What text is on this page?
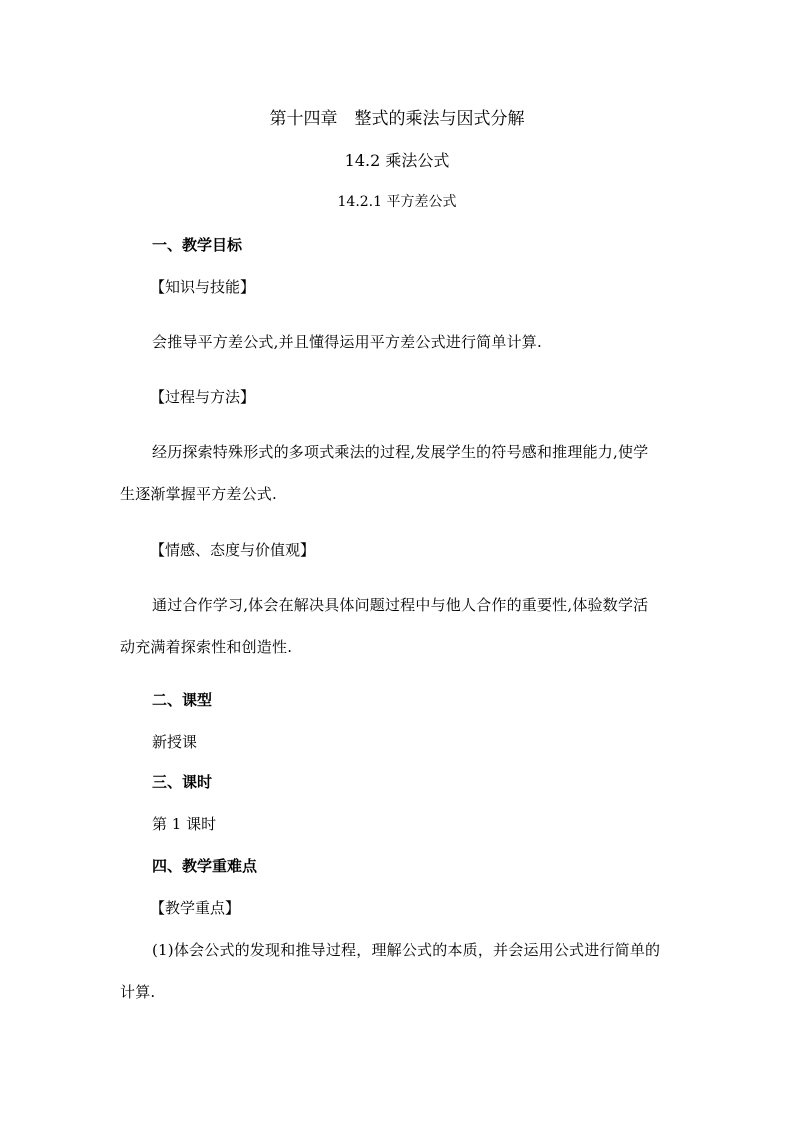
第十四章　整式的乘法与因式分解
14.2 乘法公式
14.2.1 平方差公式
一、教学目标
【知识与技能】
会推导平方差公式,并且懂得运用平方差公式进行简单计算.
【过程与方法】
经历探索特殊形式的多项式乘法的过程,发展学生的符号感和推理能力,使学
生逐渐掌握平方差公式.
【情感、态度与价值观】
通过合作学习,体会在解决具体问题过程中与他人合作的重要性,体验数学活
动充满着探索性和创造性.
二、课型
新授课
三、课时
第 1 课时
四、教学重难点
【教学重点】
(1)体会公式的发现和推导过程，理解公式的本质，并会运用公式进行简单的
计算.
